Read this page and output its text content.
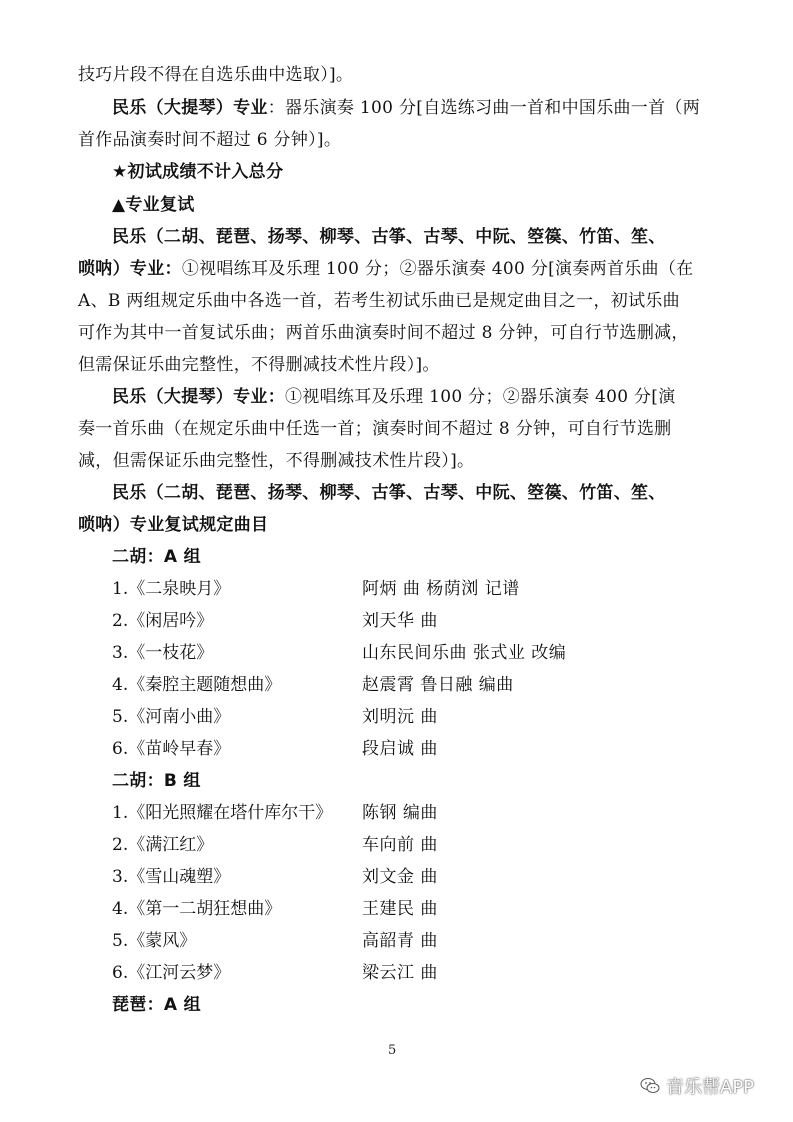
技巧片段不得在自选乐曲中选取）]。
民乐（大提琴）专业：器乐演奏 100 分[自选练习曲一首和中国乐曲一首（两
首作品演奏时间不超过 6 分钟）]。
★初试成绩不计入总分
▲专业复试
民乐（二胡、琵琶、扬琴、柳琴、古筝、古琴、中阮、箜篌、竹笛、笙、
唢呐）专业：①视唱练耳及乐理 100 分；②器乐演奏 400 分[演奏两首乐曲（在
A、B 两组规定乐曲中各选一首，若考生初试乐曲已是规定曲目之一，初试乐曲
可作为其中一首复试乐曲；两首乐曲演奏时间不超过 8 分钟，可自行节选删减，
但需保证乐曲完整性，不得删减技术性片段）]。
民乐（大提琴）专业：①视唱练耳及乐理 100 分；②器乐演奏 400 分[演
奏一首乐曲（在规定乐曲中任选一首；演奏时间不超过 8 分钟，可自行节选删
减，但需保证乐曲完整性，不得删减技术性片段）]。
民乐（二胡、琵琶、扬琴、柳琴、古筝、古琴、中阮、箜篌、竹笛、笙、
唢呐）专业复试规定曲目
二胡：A 组
1.《二泉映月》	阿炳 曲 杨荫浏 记谱
2.《闲居吟》	刘天华 曲
3.《一枝花》	山东民间乐曲 张式业 改编
4.《秦腔主题随想曲》	赵震霄 鲁日融 编曲
5.《河南小曲》	刘明沅 曲
6.《苗岭早春》	段启诚 曲
二胡：B 组
1.《阳光照耀在塔什库尔干》 陈钢 编曲
2.《满江红》	车向前 曲
3.《雪山魂塑》	刘文金 曲
4.《第一二胡狂想曲》	王建民 曲
5.《蒙风》	高韶青 曲
6.《江河云梦》	梁云江 曲
琵琶：A 组
5
音乐帮APP
